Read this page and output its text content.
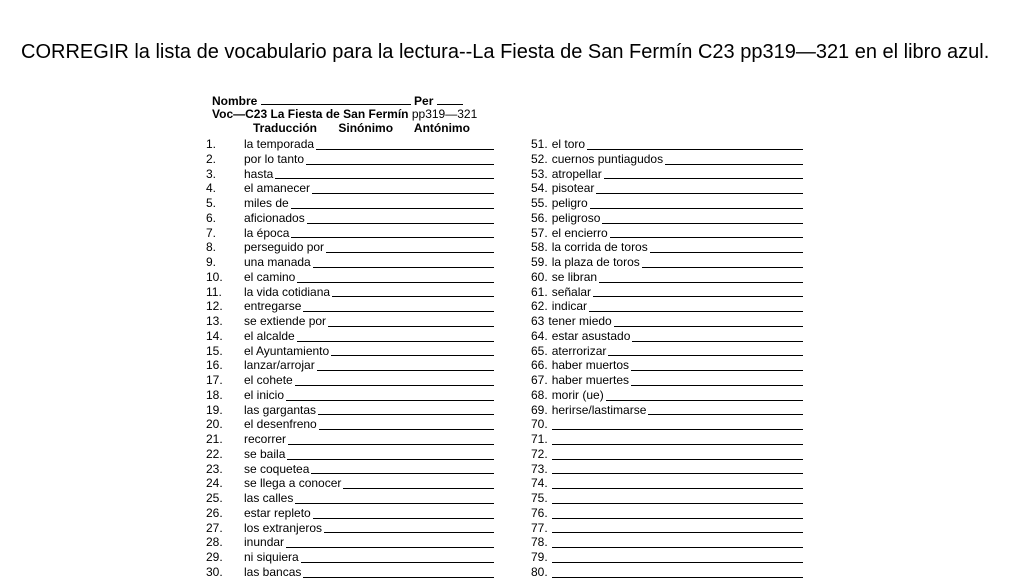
CORREGIR la lista de vocabulario para la lectura--La Fiesta de San Fermín C23 pp319—321 en el libro azul.
Nombre	Per
Voc—C23 La Fiesta de San Fermín pp319—321
Traducción Sinónimo Antónimo
1. la temporada
2. por lo tanto
3. hasta
4. el amanecer
5. miles de
6. aficionados
7. la época
8. perseguido por
9. una manada
10. el camino
11. la vida cotidiana
12. entregarse
13. se extiende por
14. el alcalde
15. el Ayuntamiento
16. lanzar/arrojar
17. el cohete
18. el inicio
19. las gargantas
20. el desenfreno
21. recorrer
22. se baila
23. se coquetea
24. se llega a conocer
25. las calles
26. estar repleto
27. los extranjeros
28. inundar
29. ni siquiera
30. las bancas
51. el toro
52. cuernos puntiagudos
53. atropellar
54. pisotear
55. peligro
56. peligroso
57. el encierro
58. la corrida de toros
59. la plaza de toros
60. se libran
61. señalar
62. indicar
63 tener miedo
64. estar asustado
65. aterrorizar
66. haber muertos
67. haber muertes
68. morir (ue)
69. herirse/lastimarse
70.
71.
72.
73.
74.
75.
76.
77.
78.
79.
80.
